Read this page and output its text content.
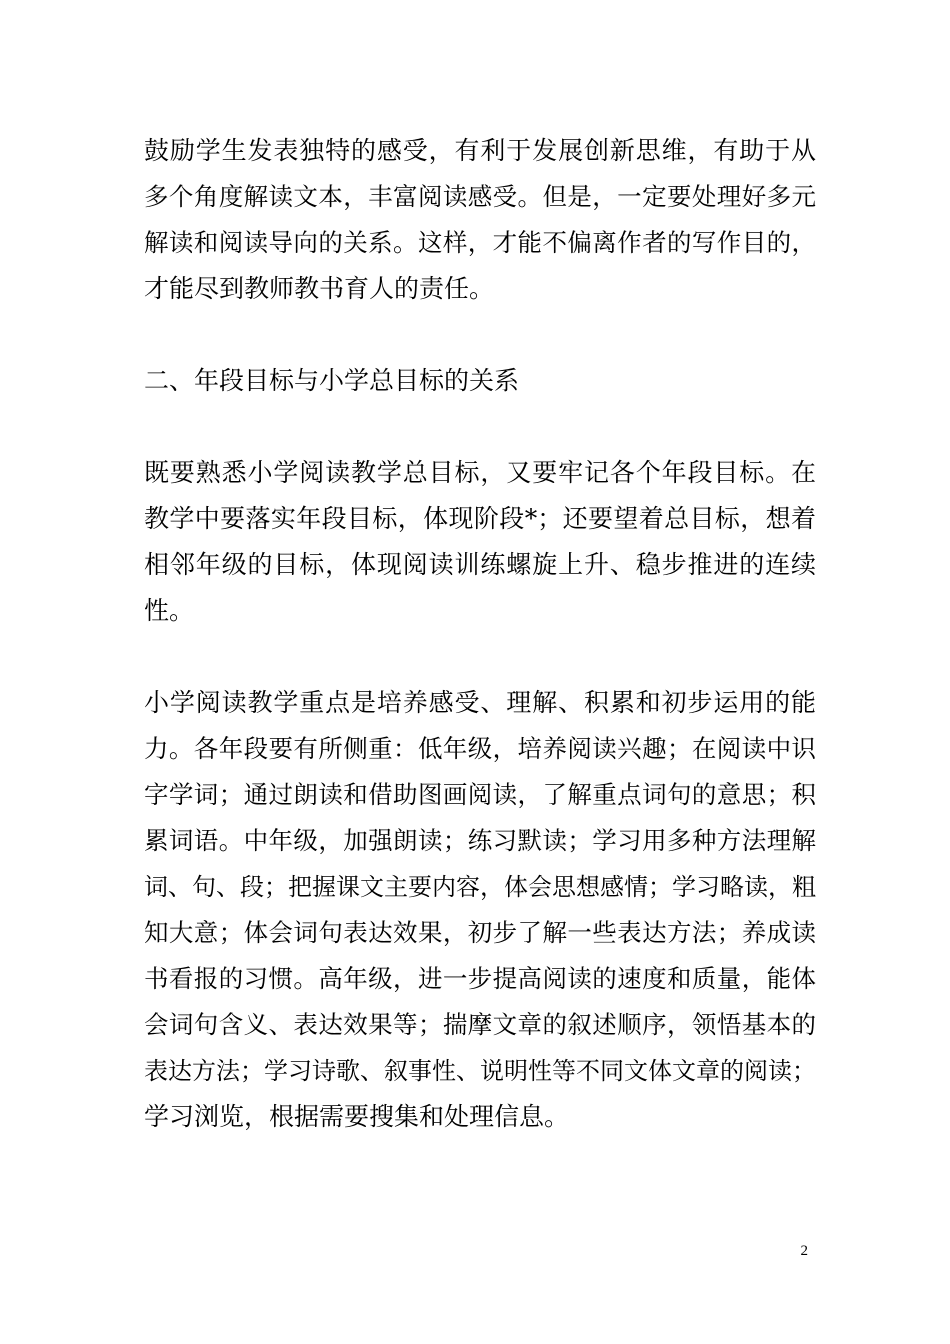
鼓励学生发表独特的感受，有利于发展创新思维，有助于从
多个角度解读文本，丰富阅读感受。但是，一定要处理好多元
解读和阅读导向的关系。这样，才能不偏离作者的写作目的，
才能尽到教师教书育人的责任。
二、年段目标与小学总目标的关系
既要熟悉小学阅读教学总目标，又要牢记各个年段目标。在
教学中要落实年段目标，体现阶段*；还要望着总目标，想着
相邻年级的目标，体现阅读训练螺旋上升、稳步推进的连续
性。
小学阅读教学重点是培养感受、理解、积累和初步运用的能
力。各年段要有所侧重：低年级，培养阅读兴趣；在阅读中识
字学词；通过朗读和借助图画阅读，了解重点词句的意思；积
累词语。中年级，加强朗读；练习默读；学习用多种方法理解
词、句、段；把握课文主要内容，体会思想感情；学习略读，粗
知大意；体会词句表达效果，初步了解一些表达方法；养成读
书看报的习惯。高年级，进一步提高阅读的速度和质量，能体
会词句含义、表达效果等；揣摩文章的叙述顺序，领悟基本的
表达方法；学习诗歌、叙事性、说明性等不同文体文章的阅读；
学习浏览，根据需要搜集和处理信息。
2
